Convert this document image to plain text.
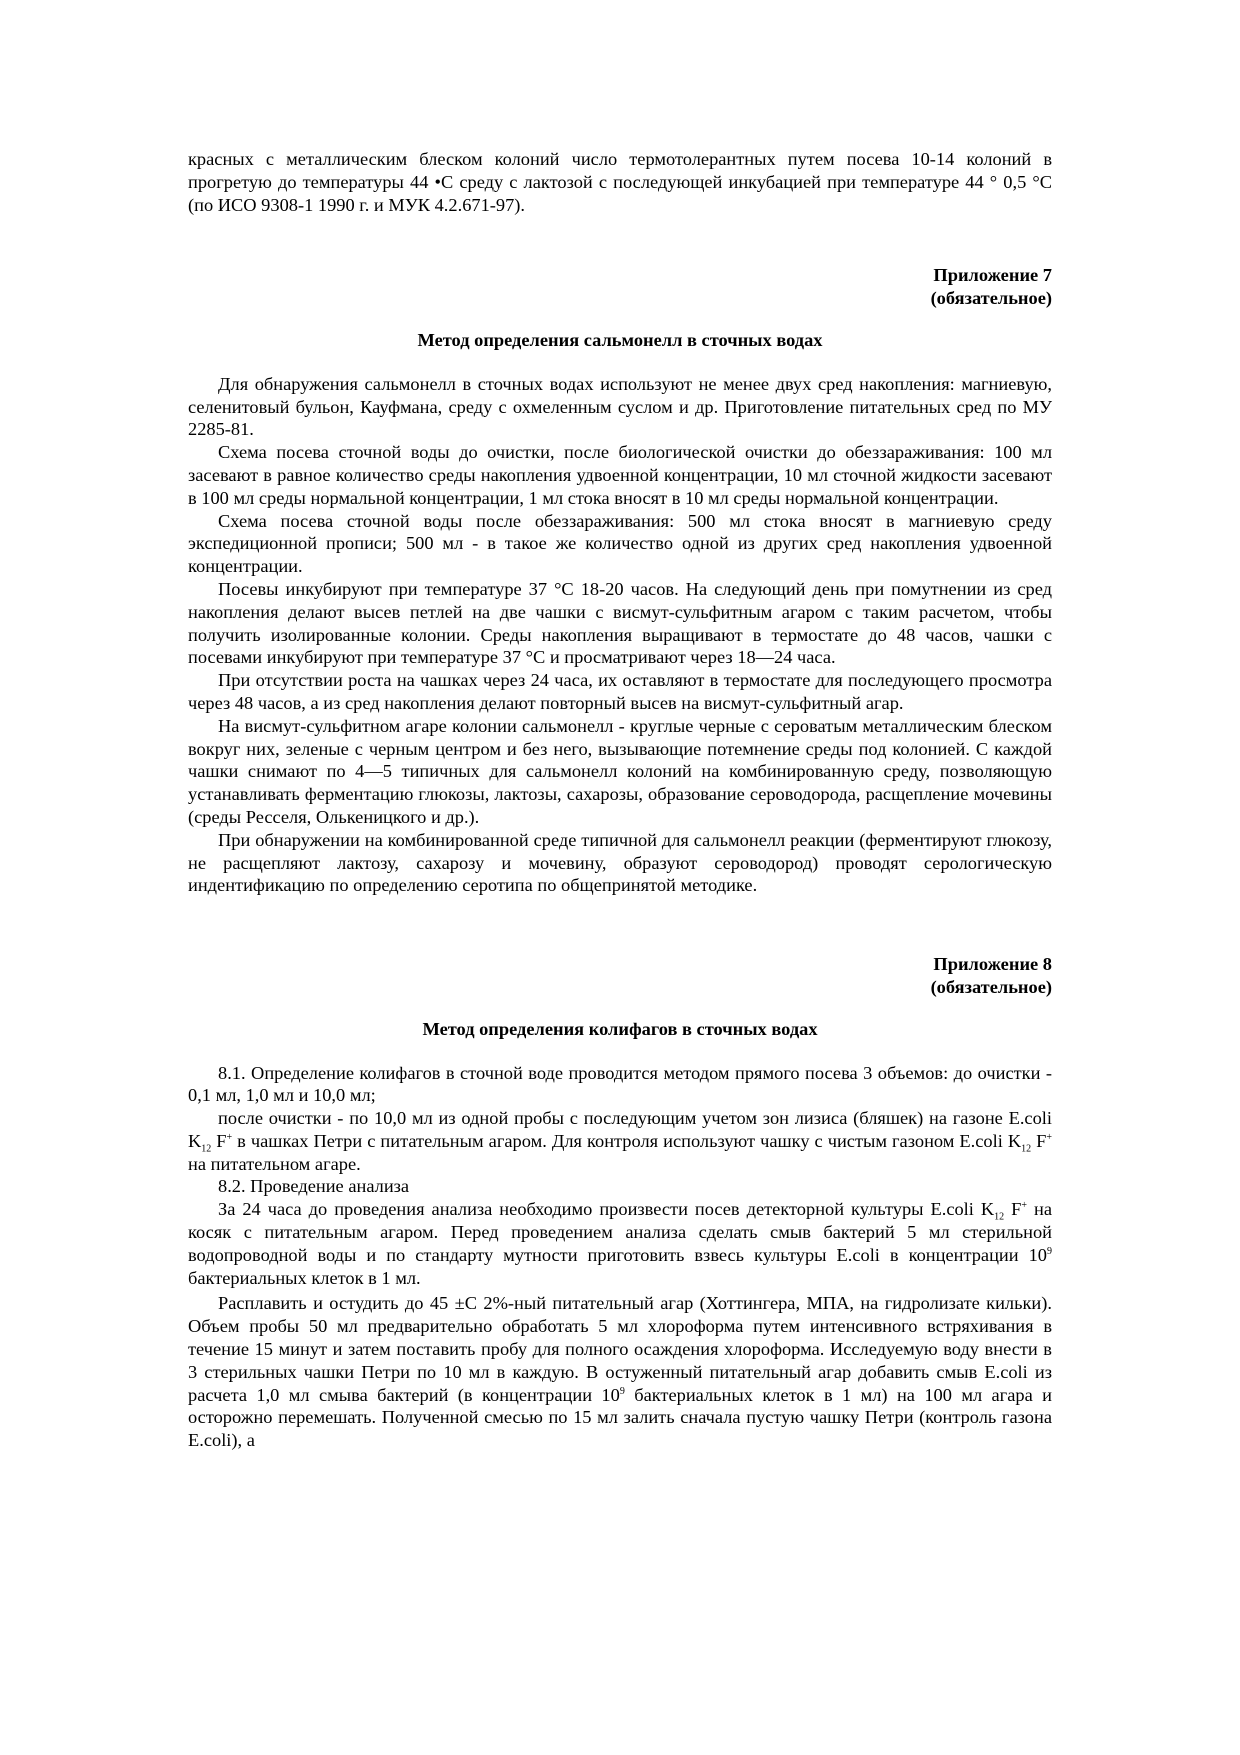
красных с металлическим блеском колоний число термотолерантных путем посева 10-14 колоний в прогретую до температуры 44 •С среду с лактозой с последующей инкубацией при температуре 44 ° 0,5 °С (по ИСО 9308-1 1990 г. и МУК 4.2.671-97).

Приложение 7

(обязательное)

Метод определения сальмонелл в сточных водах

Для обнаружения сальмонелл в сточных водах используют не менее двух сред накопления: магниевую, селенитовый бульон, Кауфмана, среду с охмеленным суслом и др. Приготовление питательных сред по МУ 2285-81.

Схема посева сточной воды до очистки, после биологической очистки до обеззараживания: 100 мл засевают в равное количество среды накопления удвоенной концентрации, 10 мл сточной жидкости засевают в 100 мл среды нормальной концентрации, 1 мл стока вносят в 10 мл среды нормальной концентрации.

Схема посева сточной воды после обеззараживания: 500 мл стока вносят в магниевую среду экспедиционной прописи; 500 мл - в такое же количество одной из других сред накопления удвоенной концентрации.

Посевы инкубируют при температуре 37 °С 18-20 часов. На следующий день при помутнении из сред накопления делают высев петлей на две чашки с висмут-сульфитным агаром с таким расчетом, чтобы получить изолированные колонии. Среды накопления выращивают в термостате до 48 часов, чашки с посевами инкубируют при температуре 37 °С и просматривают через 18—24 часа.

При отсутствии роста на чашках через 24 часа, их оставляют в термостате для последующего просмотра через 48 часов, а из сред накопления делают повторный высев на висмут-сульфитный агар.

На висмут-сульфитном агаре колонии сальмонелл - круглые черные с сероватым металлическим блеском вокруг них, зеленые с черным центром и без него, вызывающие потемнение среды под колонией. С каждой чашки снимают по 4—5 типичных для сальмонелл колоний на комбинированную среду, позволяющую устанавливать ферментацию глюкозы, лактозы, сахарозы, образование сероводорода, расщепление мочевины (среды Ресселя, Олькеницкого и др.).

При обнаружении на комбинированной среде типичной для сальмонелл реакции (ферментируют глюкозу, не расщепляют лактозу, сахарозу и мочевину, образуют сероводород) проводят серологическую индентификацию по определению серотипа по общепринятой методике.

Приложение 8

(обязательное)

Метод определения колифагов в сточных водах

8.1. Определение колифагов в сточной воде проводится методом прямого посева 3 объемов: до очистки - 0,1 мл, 1,0 мл и 10,0 мл;

после очистки - по 10,0 мл из одной пробы с последующим учетом зон лизиса (бляшек) на газоне E.coli $K_{12}$ F+ в чашках Петри с питательным агаром. Для контроля используют чашку с чистым газоном E.coli $K_{12}$ F+ на питательном агаре.

8.2. Проведение анализа

За 24 часа до проведения анализа необходимо произвести посев детекторной культуры E.coli $K_{12}$ F+ на косяк с питательным агаром. Перед проведением анализа сделать смыв бактерий 5 мл стерильной водопроводной воды и по стандарту мутности приготовить взвесь культуры E.coli в концентрации $10^9$ бактериальных клеток в 1 мл.

Расплавить и остудить до 45 ±С 2%-ный питательный агар (Хоттингера, МПА, на гидролизате кильки). Объем пробы 50 мл предварительно обработать 5 мл хлороформа путем интенсивного встряхивания в течение 15 минут и затем поставить пробу для полного осаждения хлороформа. Исследуемую воду внести в 3 стерильных чашки Петри по 10 мл в каждую. В остуженный питательный агар добавить смыв E.coli из расчета 1,0 мл смыва бактерий (в концентрации $10^9$ бактериальных клеток в 1 мл) на 100 мл агара и осторожно перемешать. Полученной смесью по 15 мл залить сначала пустую чашку Петри (контроль газона E.coli), а
